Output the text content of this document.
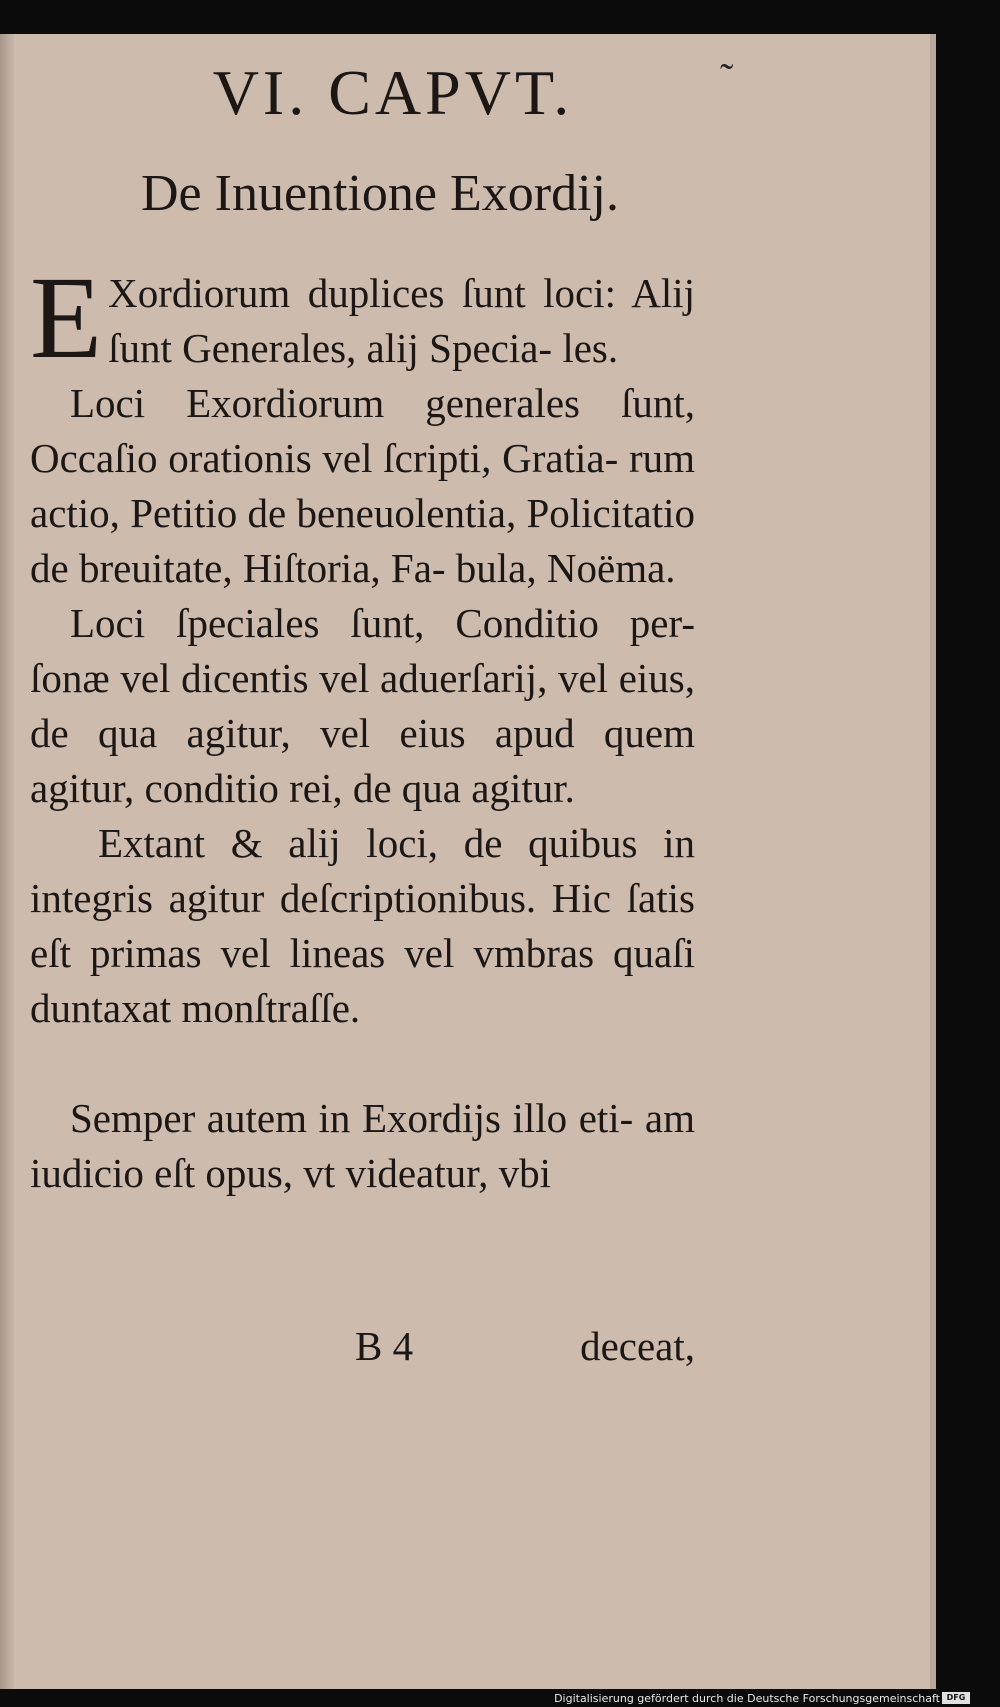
VI. CAPVT.	˜
De Inuentione Exordij.

E Xordiorum duplices ſunt loci: Alij ſunt Generales, alij Specia- les.

Loci Exordiorum generales ſunt, Occaſio orationis vel ſcripti, Gratia- rum actio, Petitio de beneuolentia, Policitatio de breuitate, Hiſtoria, Fa- bula, Noëma.

Loci ſpeciales ſunt, Conditio per- ſonæ vel dicentis vel aduerſarij, vel eius, de qua agitur, vel eius apud quem agitur, conditio rei, de qua agitur.

Extant & alij loci, de quibus in integris agitur deſcriptionibus. Hic ſatis eſt primas vel lineas vel vmbras quaſi duntaxat monſtraſſe.

Semper autem in Exordijs illo eti- am iudicio eſt opus, vt videatur, vbi

B 4	deceat,
Digitalisierung gefördert durch die Deutsche Forschungsgemeinschaft DFG
